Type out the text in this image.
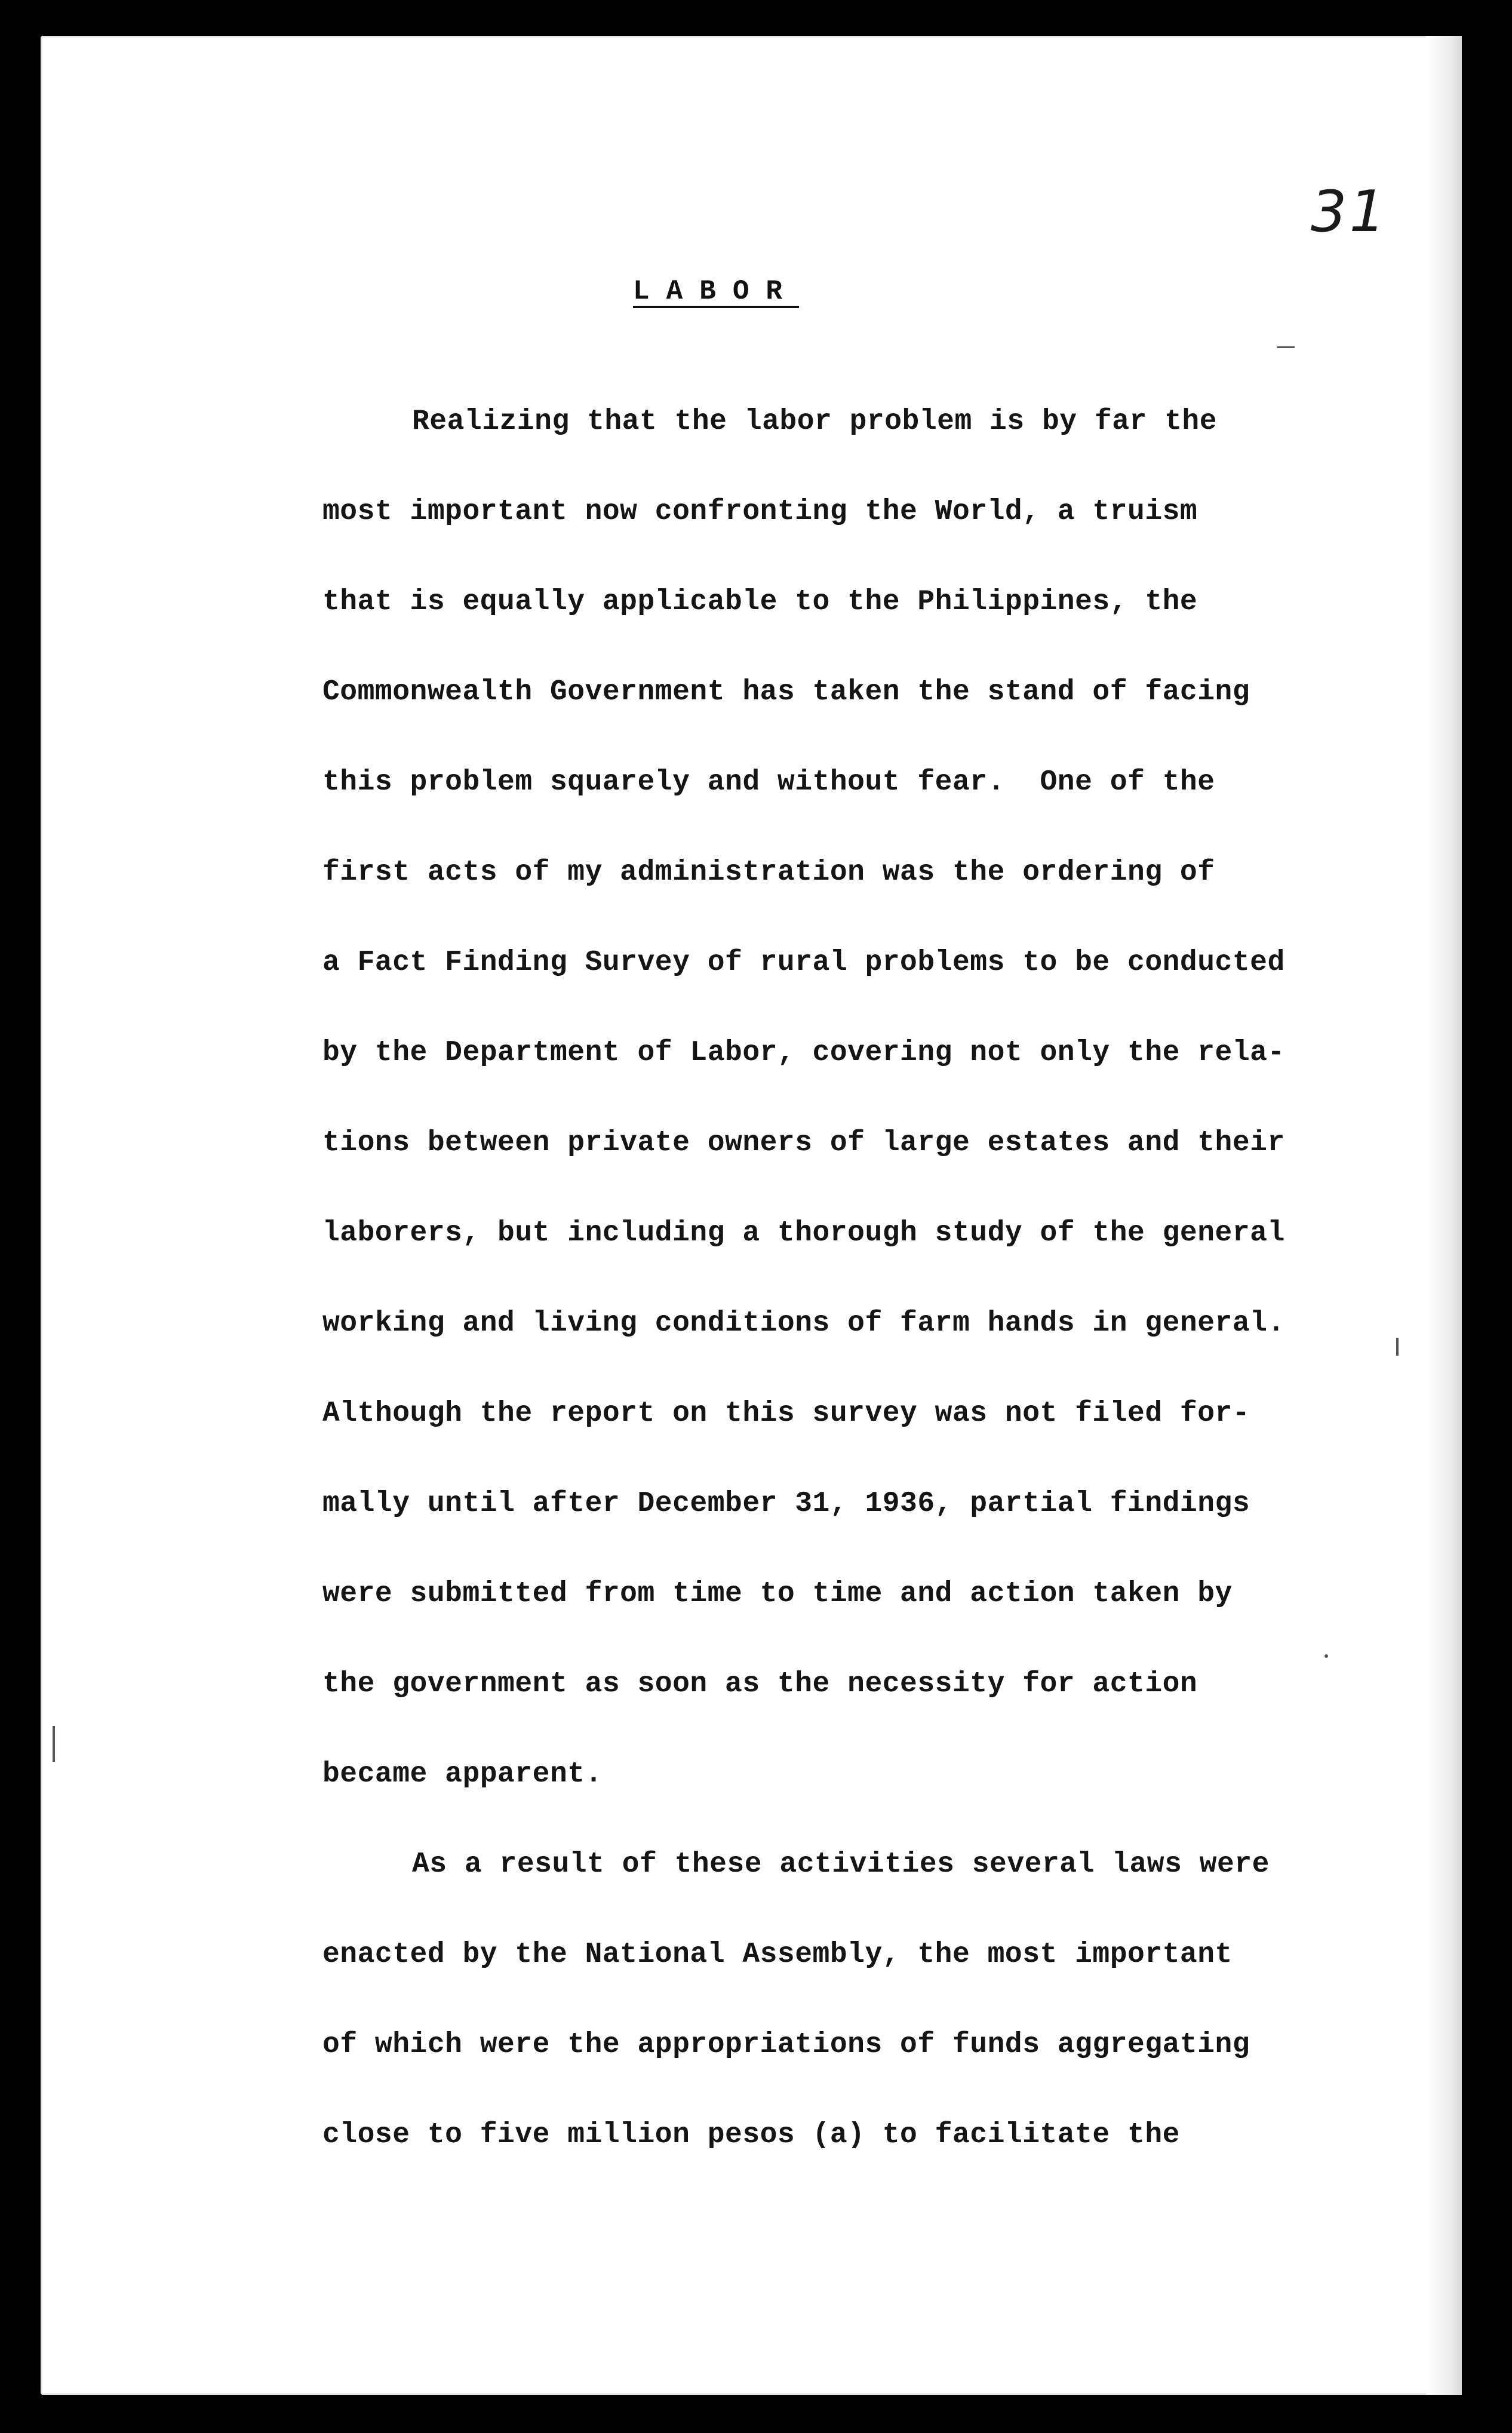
31
LABOR
Realizing that the labor problem is by far the
most important now confronting the World, a truism
that is equally applicable to the Philippines, the
Commonwealth Government has taken the stand of facing
this problem squarely and without fear.  One of the
first acts of my administration was the ordering of
a Fact Finding Survey of rural problems to be conducted
by the Department of Labor, covering not only the rela-
tions between private owners of large estates and their
laborers, but including a thorough study of the general
working and living conditions of farm hands in general.
Although the report on this survey was not filed for-
mally until after December 31, 1936, partial findings
were submitted from time to time and action taken by
the government as soon as the necessity for action
became apparent.
As a result of these activities several laws were
enacted by the National Assembly, the most important
of which were the appropriations of funds aggregating
close to five million pesos (a) to facilitate the
